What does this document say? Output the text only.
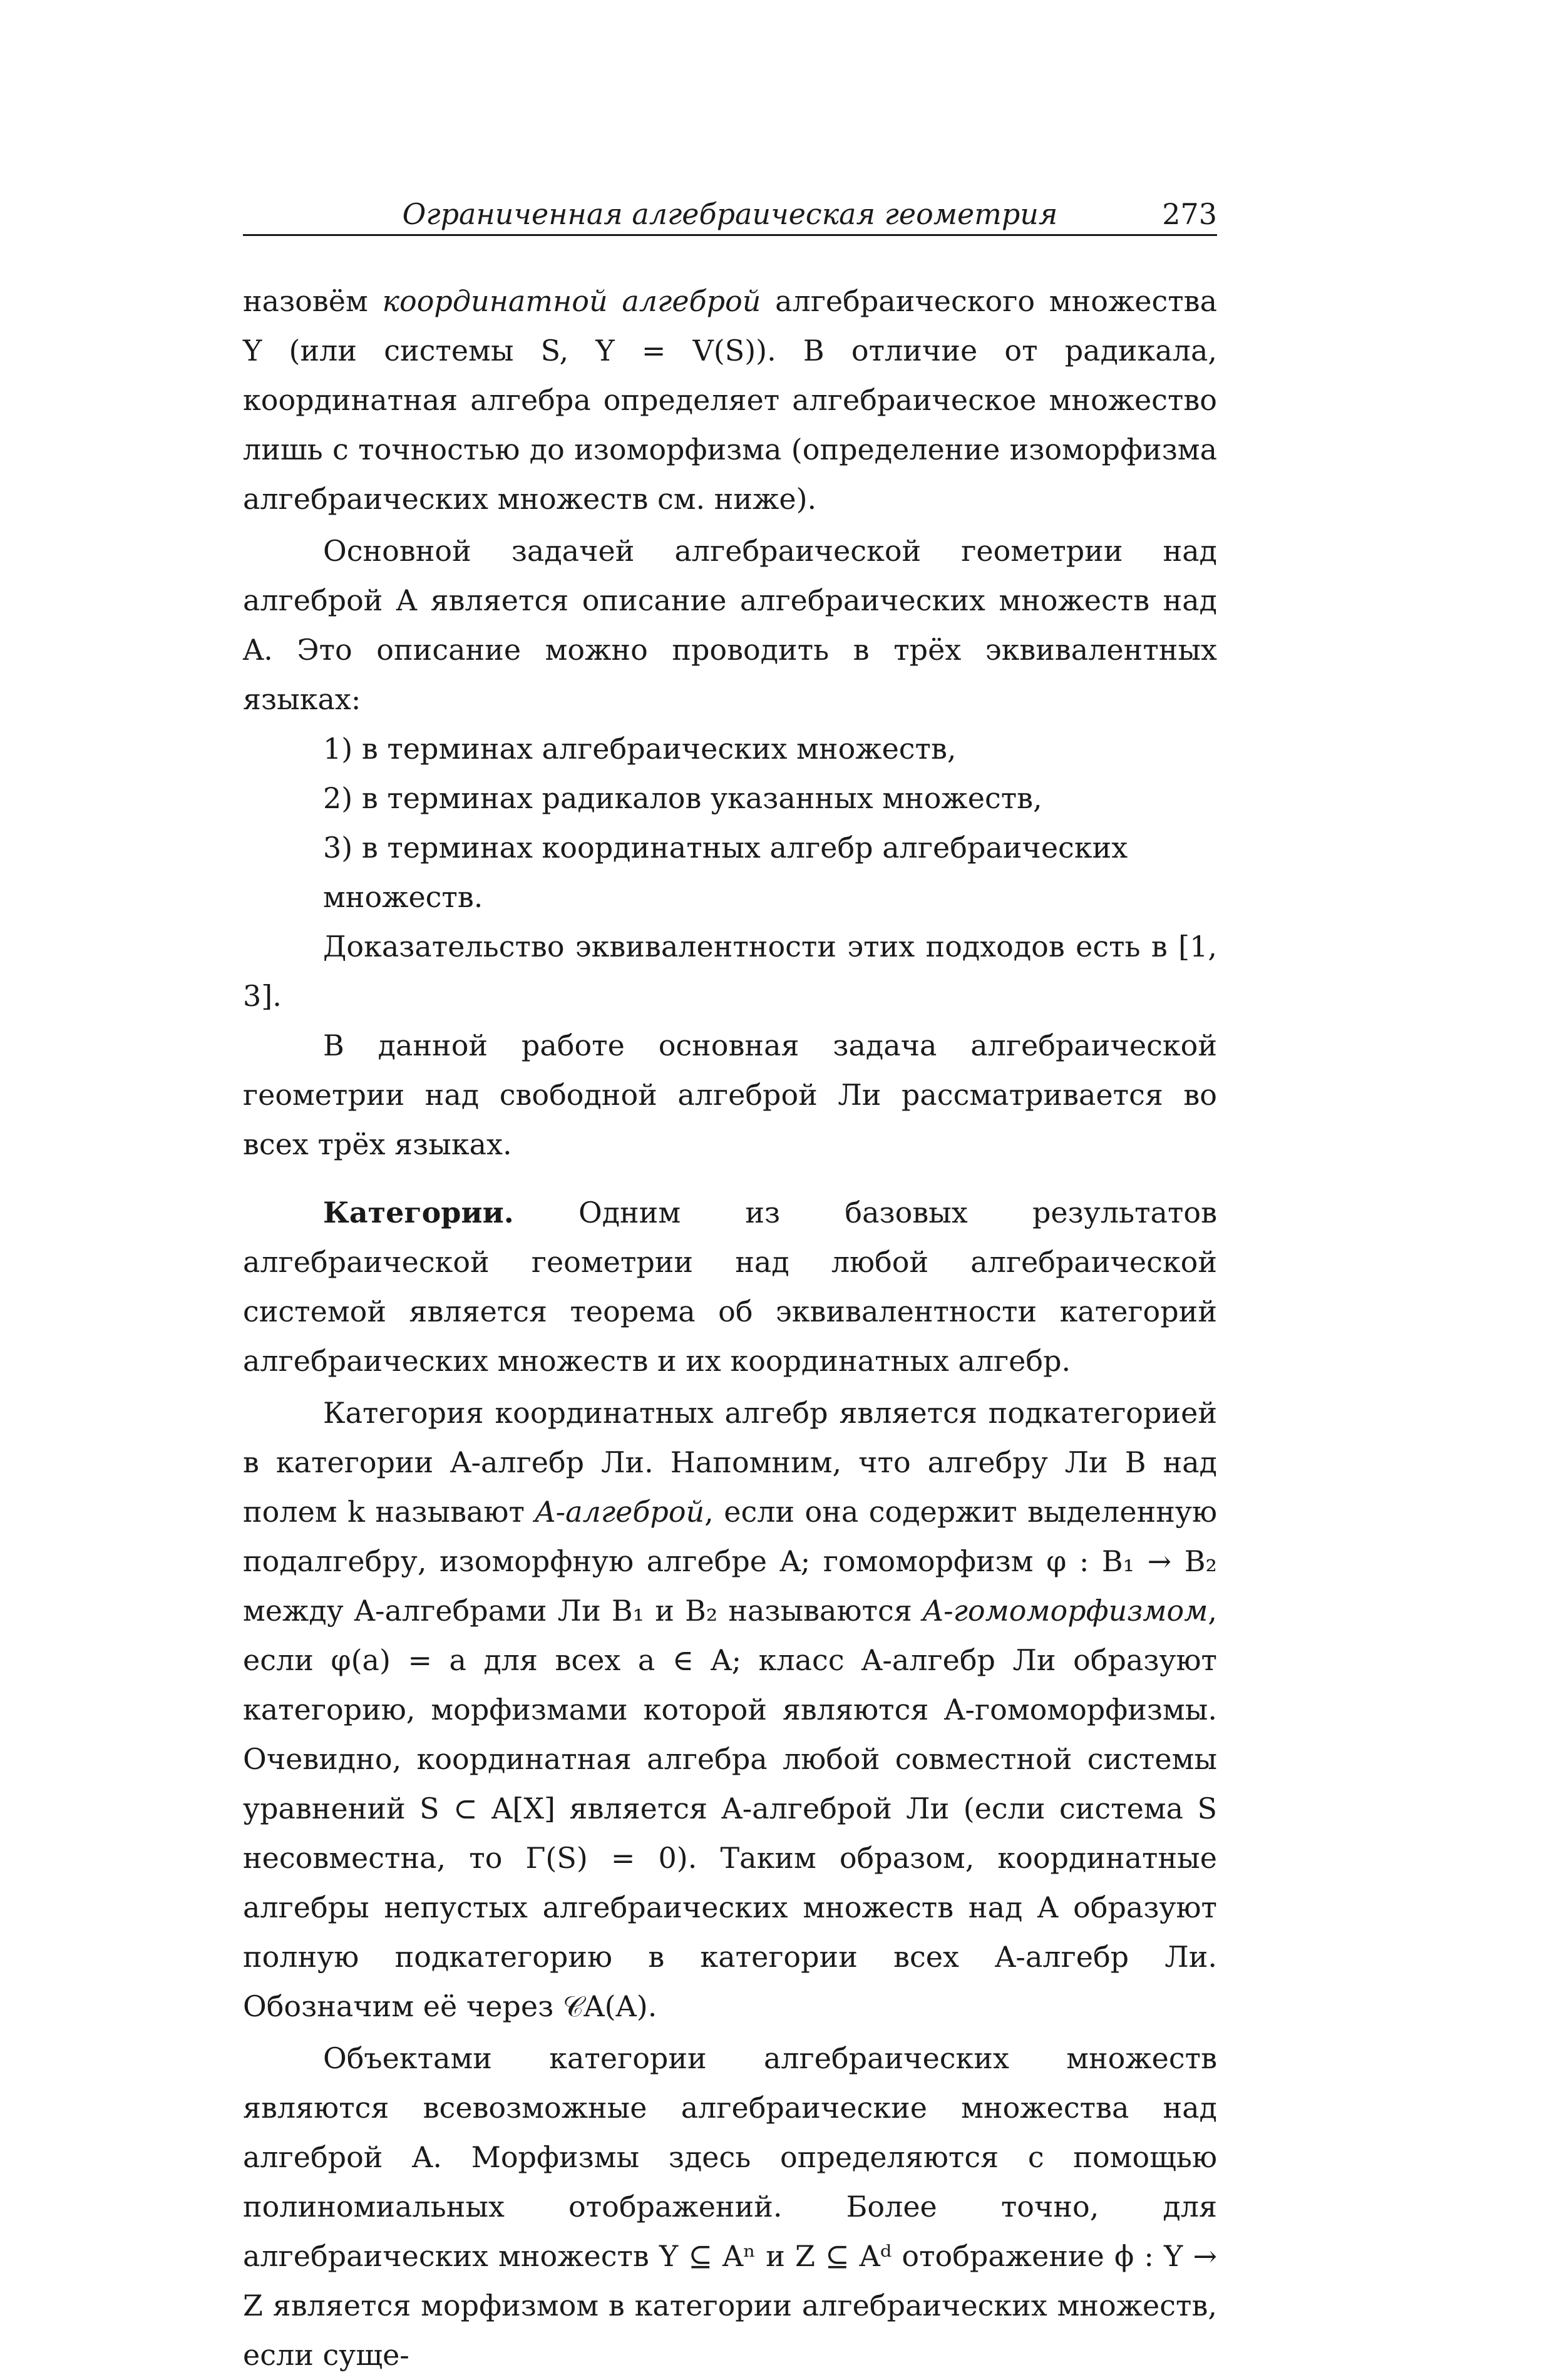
Ограниченная алгебраическая геометрия	273

назовём координатной алгеброй алгебраического множества Y (или системы S, Y = V(S)). В отличие от радикала, координатная алгебра определяет алгебраическое множество лишь с точностью до изоморфизма (определение изоморфизма алгебраических множеств см. ниже).

Основной задачей алгебраической геометрии над алгеброй A является описание алгебраических множеств над A. Это описание можно проводить в трёх эквивалентных языках:

1) в терминах алгебраических множеств,

2) в терминах радикалов указанных множеств,

3) в терминах координатных алгебр алгебраических множеств.

Доказательство эквивалентности этих подходов есть в [1, 3].

В данной работе основная задача алгебраической геометрии над свободной алгеброй Ли рассматривается во всех трёх языках.

Категории. Одним из базовых результатов алгебраической геометрии над любой алгебраической системой является теорема об эквивалентности категорий алгебраических множеств и их координатных алгебр.

Категория координатных алгебр является подкатегорией в категории A-алгебр Ли. Напомним, что алгебру Ли B над полем k называют A-алгеброй, если она содержит выделенную подалгебру, изоморфную алгебре A; гомоморфизм φ : B₁ → B₂ между A-алгебрами Ли B₁ и B₂ называются A-гомоморфизмом, если φ(a) = a для всех a ∈ A; класс A-алгебр Ли образуют категорию, морфизмами которой являются A-гомоморфизмы. Очевидно, координатная алгебра любой совместной системы уравнений S ⊂ A[X] является A-алгеброй Ли (если система S несовместна, то Γ(S) = 0). Таким образом, координатные алгебры непустых алгебраических множеств над A образуют полную подкатегорию в категории всех A-алгебр Ли. Обозначим её через 𝒞A(A).

Объектами категории алгебраических множеств являются всевозможные алгебраические множества над алгеброй A. Морфизмы здесь определяются с помощью полиномиальных отображений. Более точно, для алгебраических множеств Y ⊆ Aⁿ и Z ⊆ Aᵈ отображение ϕ : Y → Z является морфизмом в категории алгебраических множеств, если суще-
